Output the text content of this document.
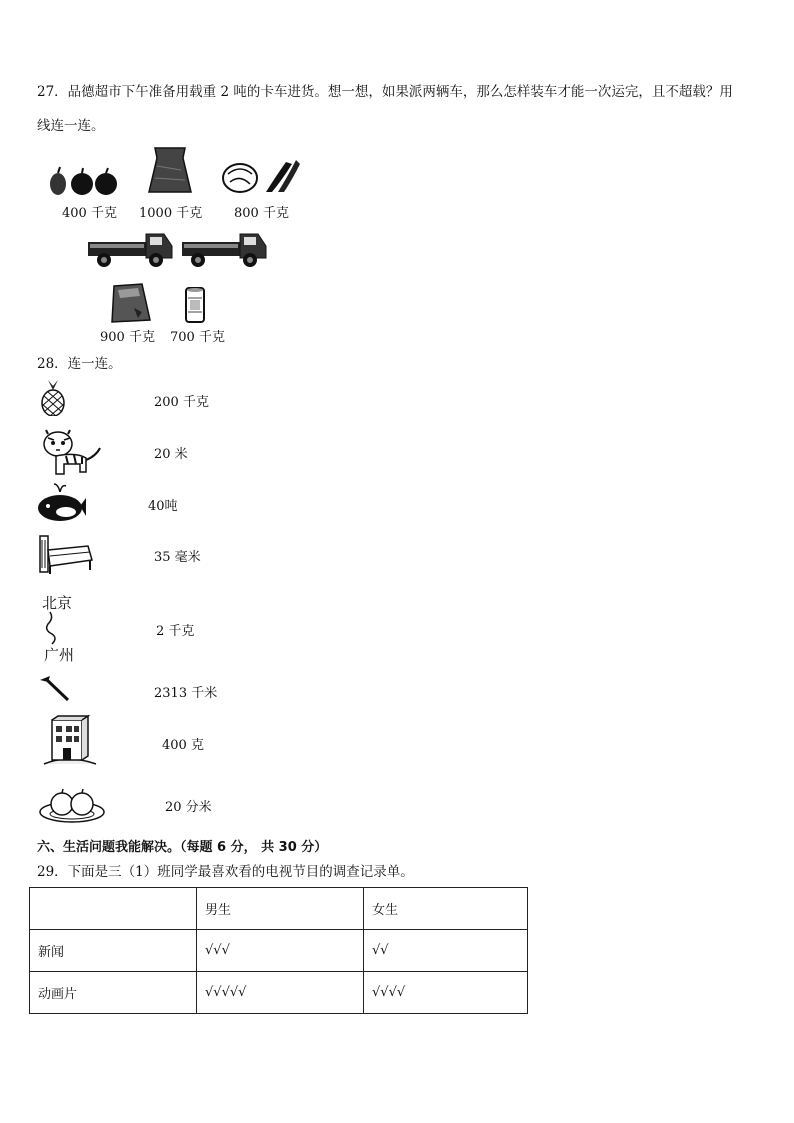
27．品德超市下午准备用载重 2 吨的卡车进货。想一想，如果派两辆车，那么怎样装车才能一次运完，且不超载？用
线连一连。
400 千克 1000 千克 800 千克
900 千克 700 千克
28．连一连。
200 千克
20 米
40吨
35 毫米
北京
广州
2 千克
2313 千米
400 克
20 分米
六、生活问题我能解决。（每题 6 分， 共 30 分）
29．下面是三（1）班同学最喜欢看的电视节目的调查记录单。
	男生	女生
新闻	√√√	√√
动画片	√√√√√	√√√√
